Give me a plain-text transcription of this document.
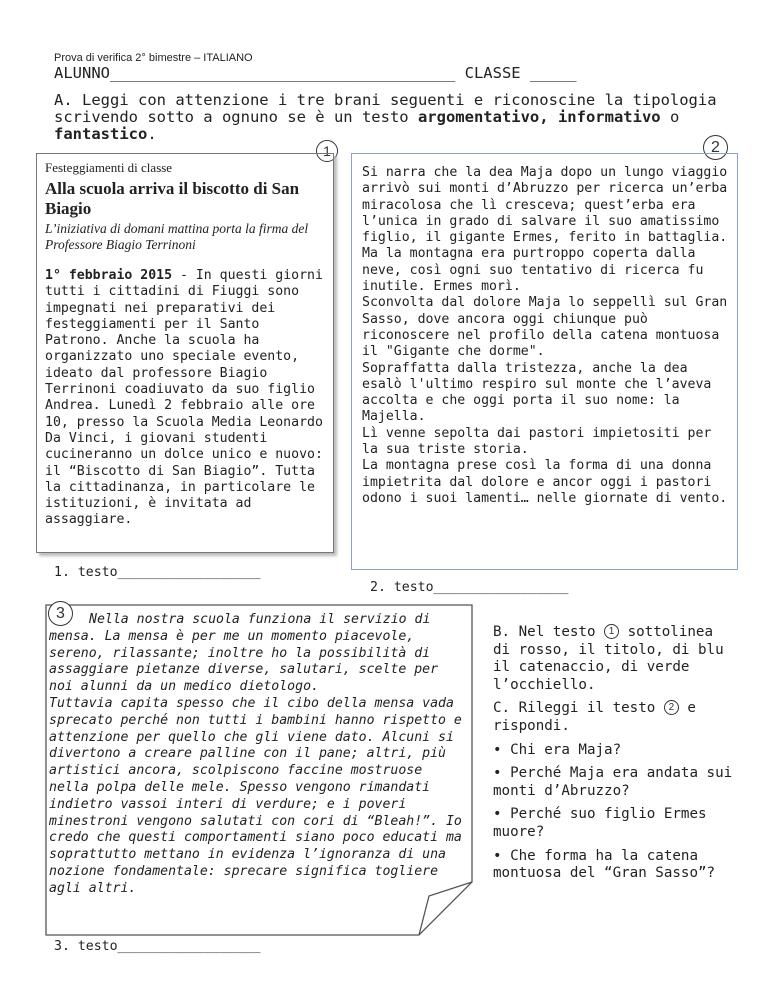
Prova di verifica 2° bimestre – ITALIANO
ALUNNO_____________________________________ CLASSE _____
A. Leggi con attenzione i tre brani seguenti e riconoscine la tipologia scrivendo sotto a ognuno se è un testo argomentativo, informativo o fantastico.
1	2
3
Festeggiamenti di classe
Alla scuola arriva il biscotto di San Biagio
L’iniziativa di domani mattina porta la firma del Professore Biagio Terrinoni
1° febbraio 2015 - In questi giorni tutti i cittadini di Fiuggi sono impegnati nei preparativi dei festeggiamenti per il Santo Patrono. Anche la scuola ha organizzato uno speciale evento, ideato dal professore Biagio Terrinoni coadiuvato da suo figlio Andrea. Lunedì 2 febbraio alle ore 10, presso la Scuola Media Leonardo Da Vinci, i giovani studenti cucineranno un dolce unico e nuovo: il “Biscotto di San Biagio”. Tutta la cittadinanza, in particolare le istituzioni, è invitata ad assaggiare.
1. testo__________________
Si narra che la dea Maja dopo un lungo viaggio arrivò sui monti d’Abruzzo per ricerca un’erba miracolosa che lì cresceva; quest’erba era l’unica in grado di salvare il suo amatissimo figlio, il gigante Ermes, ferito in battaglia.
Ma la montagna era purtroppo coperta dalla neve, così ogni suo tentativo di ricerca fu inutile. Ermes morì.
Sconvolta dal dolore Maja lo seppellì sul Gran Sasso, dove ancora oggi chiunque può riconoscere nel profilo della catena montuosa il "Gigante che dorme".
Sopraffatta dalla tristezza, anche la dea esalò l'ultimo respiro sul monte che l’aveva accolta e che oggi porta il suo nome: la Majella.
Lì venne sepolta dai pastori impietositi per la sua triste storia.
La montagna prese così la forma di una donna impietrita dal dolore e ancor oggi i pastori odono i suoi lamenti… nelle giornate di vento.
2. testo_________________
Nella nostra scuola funziona il servizio di mensa. La mensa è per me un momento piacevole, sereno, rilassante; inoltre ho la possibilità di assaggiare pietanze diverse, salutari, scelte per noi alunni da un medico dietologo.
Tuttavia capita spesso che il cibo della mensa vada sprecato perché non tutti i bambini hanno rispetto e attenzione per quello che gli viene dato. Alcuni si divertono a creare palline con il pane; altri, più artistici ancora, scolpiscono faccine mostruose nella polpa delle mele. Spesso vengono rimandati indietro vassoi interi di verdure; e i poveri minestroni vengono salutati con cori di “Bleah!”. Io credo che questi comportamenti siano poco educati ma soprattutto mettano in evidenza l’ignoranza di una nozione fondamentale: sprecare significa togliere agli altri.
3. testo__________________

B. Nel testo 1 sottolinea di rosso, il titolo, di blu il catenaccio, di verde l’occhiello.

C. Rileggi il testo 2 e rispondi.

• Chi era Maja?

• Perché Maja era andata sui monti d’Abruzzo?

• Perché suo figlio Ermes muore?

• Che forma ha la catena montuosa del “Gran Sasso”?
